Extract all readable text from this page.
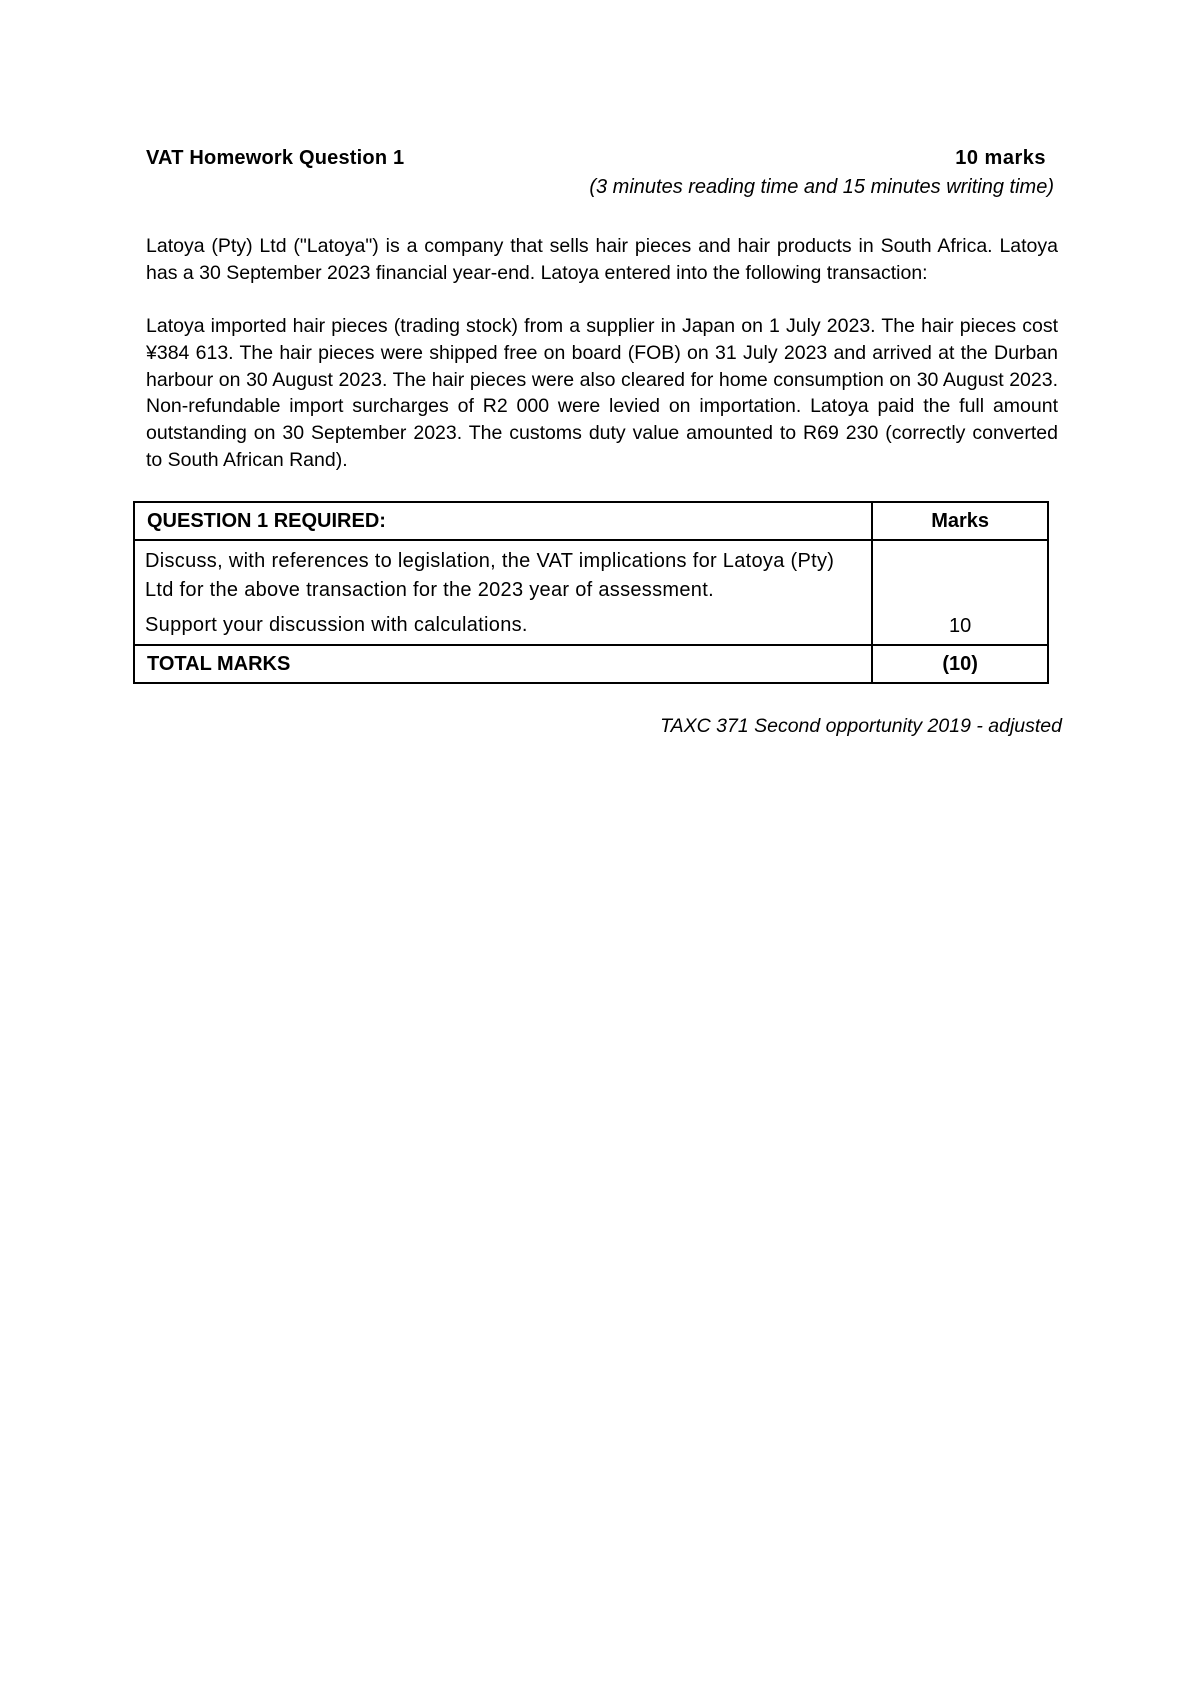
VAT Homework Question 1	10 marks
(3 minutes reading time and 15 minutes writing time)

Latoya (Pty) Ltd ("Latoya") is a company that sells hair pieces and hair products in South Africa. Latoya has a 30 September 2023 financial year-end. Latoya entered into the following transaction:

Latoya imported hair pieces (trading stock) from a supplier in Japan on 1 July 2023. The hair pieces cost ¥384 613. The hair pieces were shipped free on board (FOB) on 31 July 2023 and arrived at the Durban harbour on 30 August 2023. The hair pieces were also cleared for home consumption on 30 August 2023. Non-refundable import surcharges of R2 000 were levied on importation. Latoya paid the full amount outstanding on 30 September 2023. The customs duty value amounted to R69 230 (correctly converted to South African Rand).

QUESTION 1 REQUIRED:	Marks

Discuss, with references to legislation, the VAT implications for Latoya (Pty) Ltd for the above transaction for the 2023 year of assessment.
Support your discussion with calculations.	10
TOTAL MARKS	(10)
TAXC 371 Second opportunity 2019 - adjusted
